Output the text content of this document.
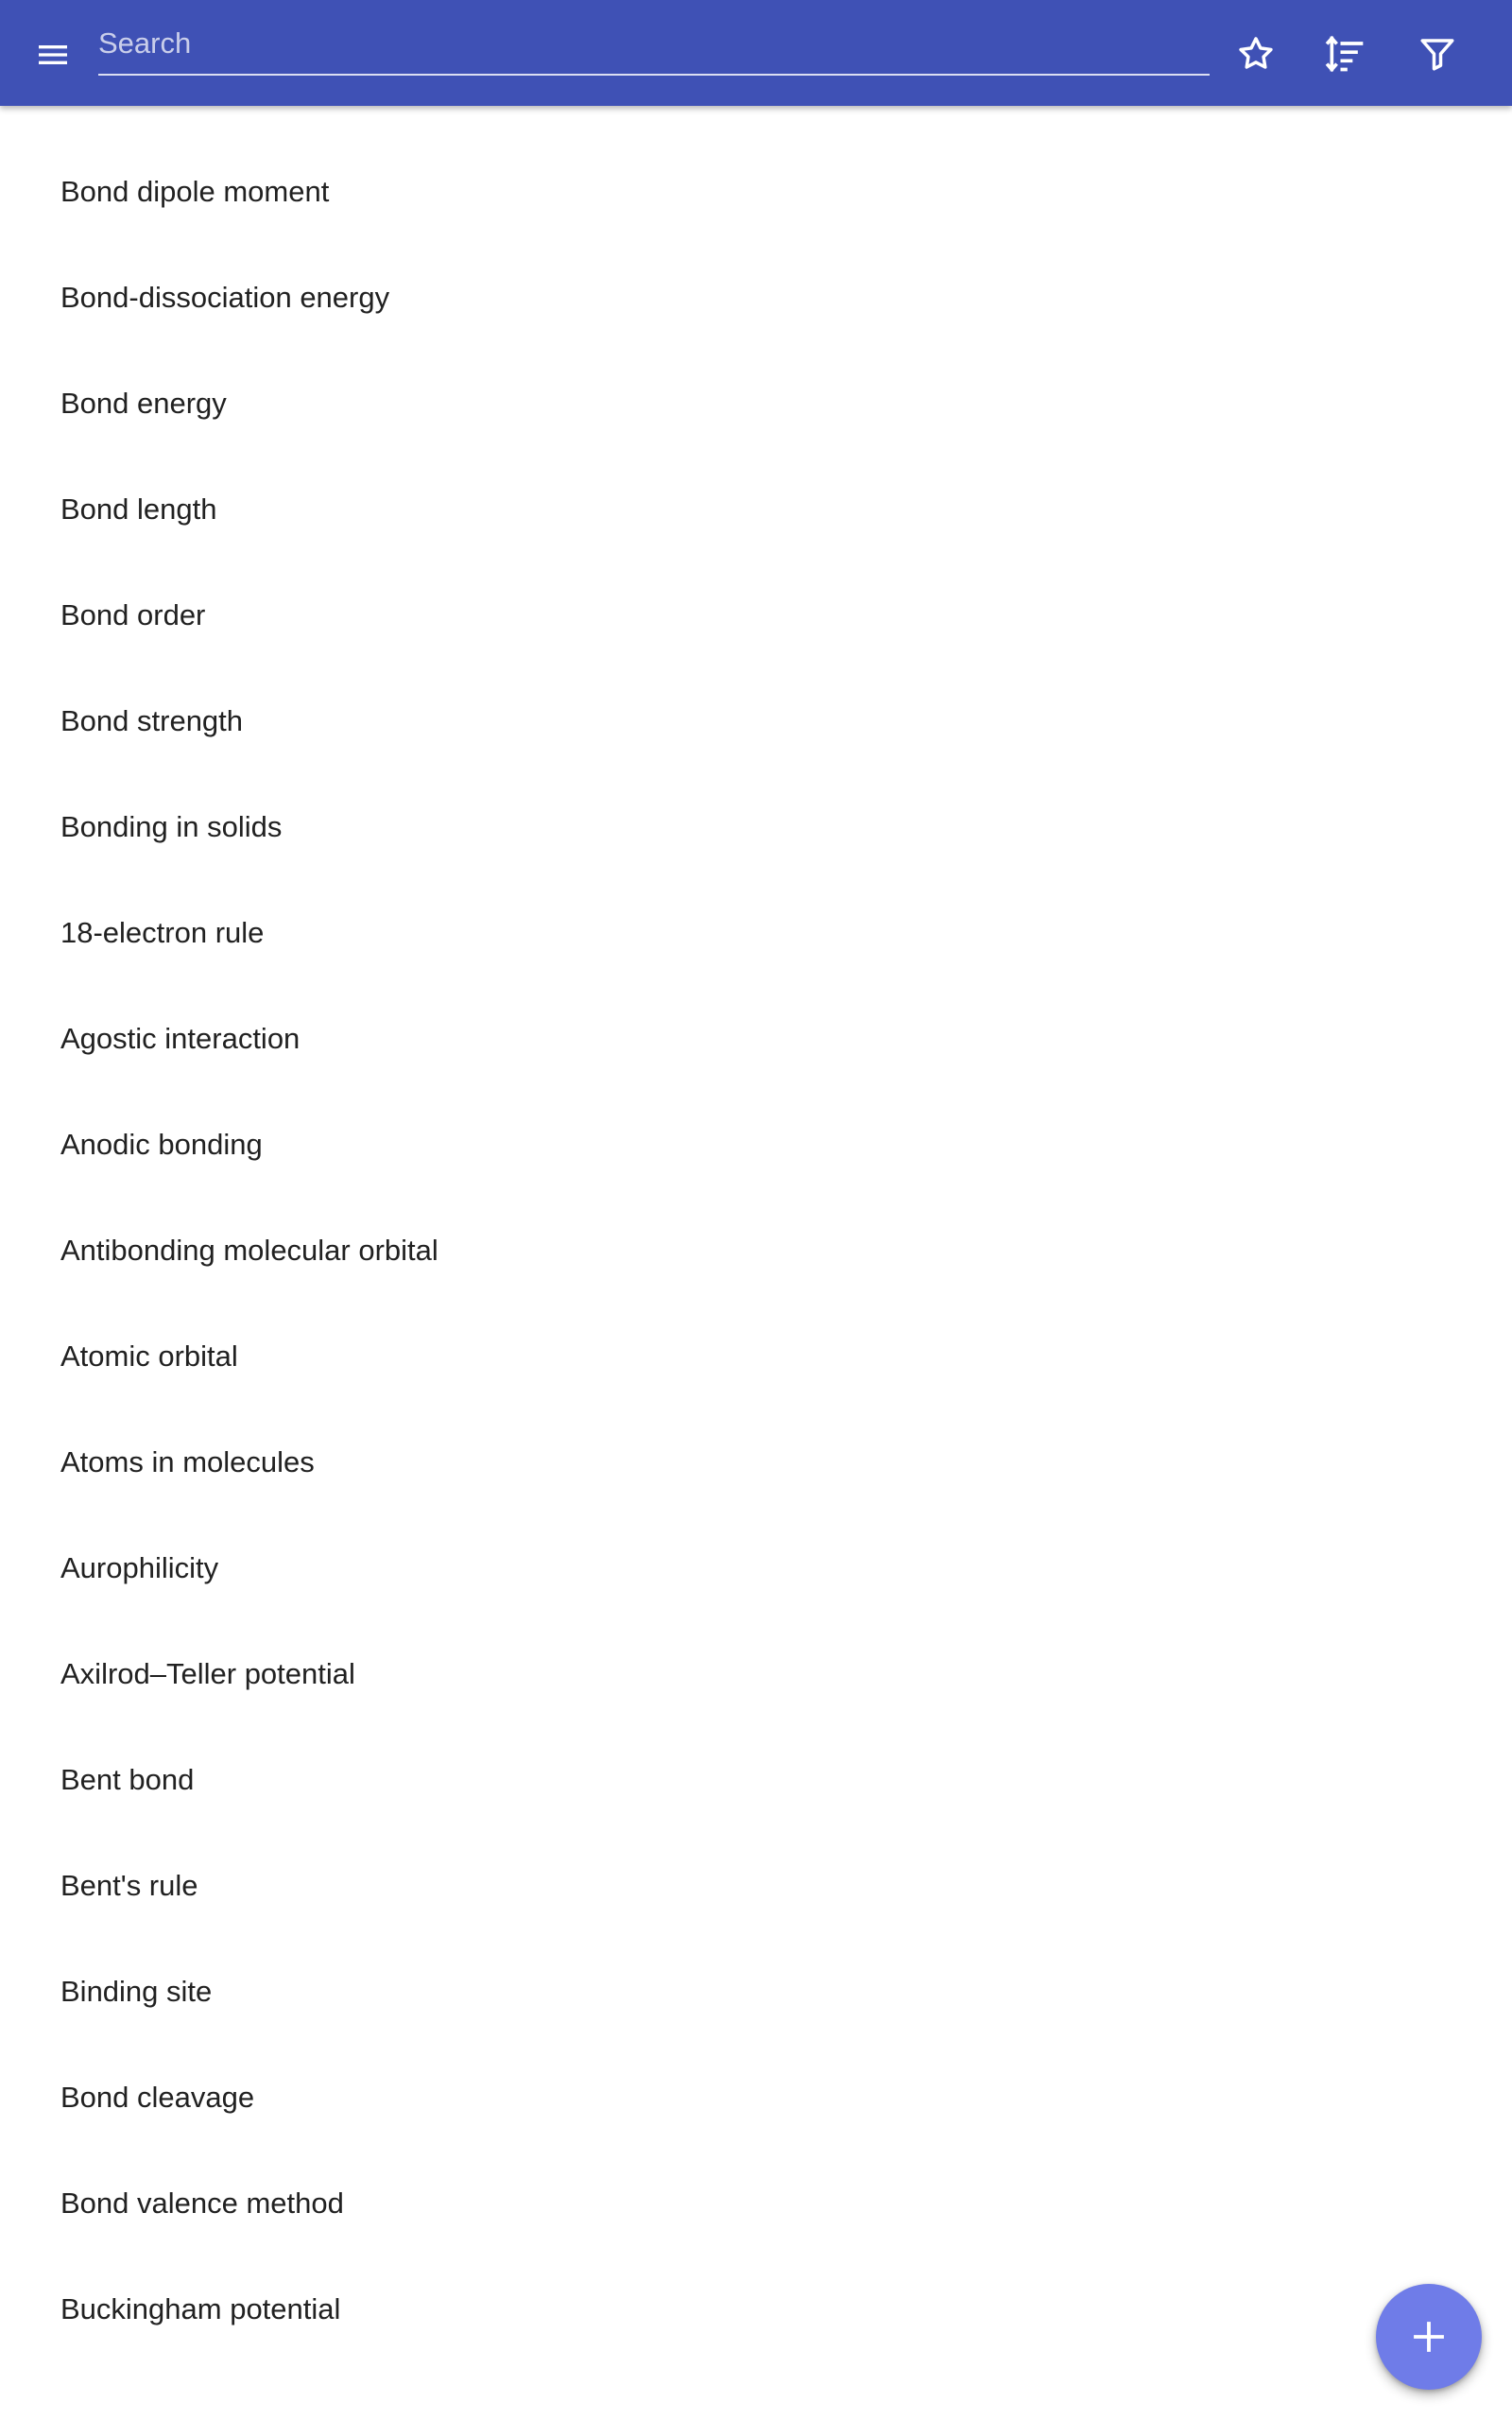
Search
Bond dipole moment
Bond-dissociation energy
Bond energy
Bond length
Bond order
Bond strength
Bonding in solids
18-electron rule
Agostic interaction
Anodic bonding
Antibonding molecular orbital
Atomic orbital
Atoms in molecules
Aurophilicity
Axilrod–Teller potential
Bent bond
Bent's rule
Binding site
Bond cleavage
Bond valence method
Buckingham potential
